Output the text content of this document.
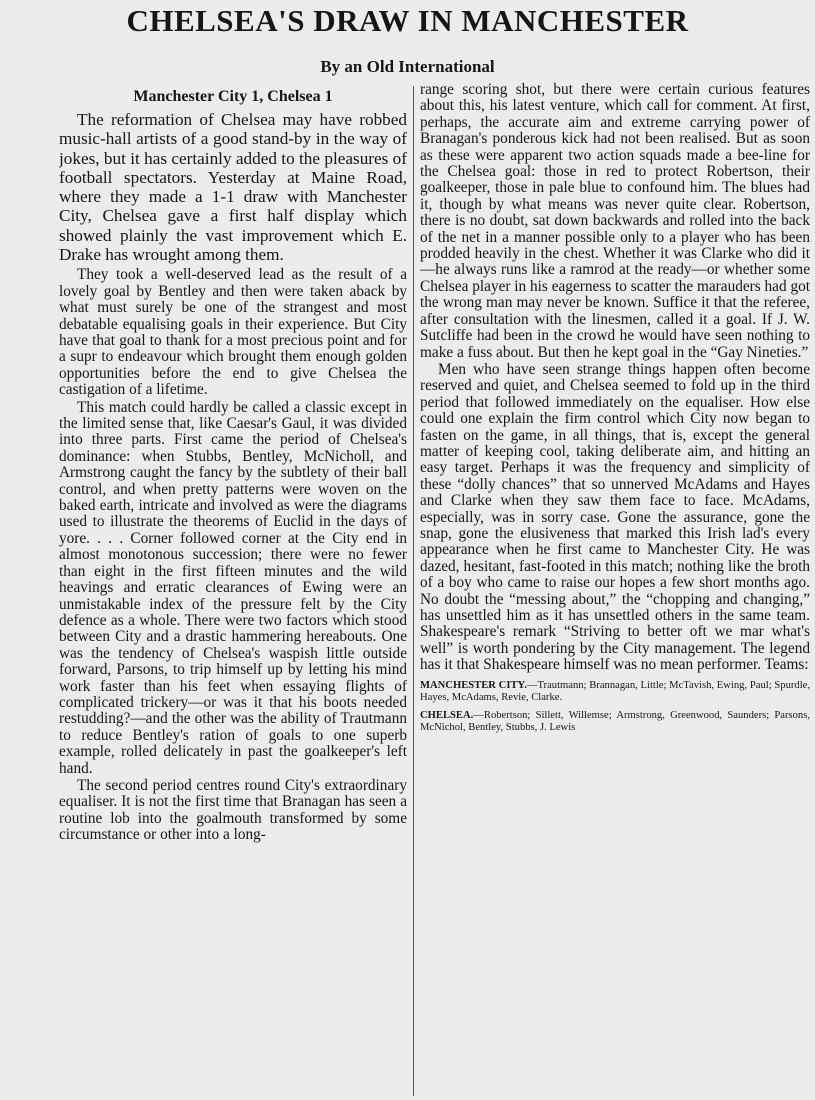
CHELSEA'S DRAW IN MANCHESTER
By an Old International
Manchester City 1, Chelsea 1

The reformation of Chelsea may have robbed music-hall artists of a good stand-by in the way of jokes, but it has certainly added to the pleasures of football spectators. Yesterday at Maine Road, where they made a 1-1 draw with Manchester City, Chelsea gave a first half display which showed plainly the vast improvement which E. Drake has wrought among them.

They took a well-deserved lead as the result of a lovely goal by Bentley and then were taken aback by what must surely be one of the strangest and most debatable equalising goals in their experience. But City have that goal to thank for a most precious point and for a supr to endeavour which brought them enough golden opportunities before the end to give Chelsea the castigation of a lifetime.

This match could hardly be called a classic except in the limited sense that, like Caesar's Gaul, it was divided into three parts. First came the period of Chelsea's dominance: when Stubbs, Bentley, McNicholl, and Armstrong caught the fancy by the subtlety of their ball control, and when pretty patterns were woven on the baked earth, intricate and involved as were the diagrams used to illustrate the theorems of Euclid in the days of yore. . . . Corner followed corner at the City end in almost monotonous succession; there were no fewer than eight in the first fifteen minutes and the wild heavings and erratic clearances of Ewing were an unmistakable index of the pressure felt by the City defence as a whole. There were two factors which stood between City and a drastic hammering hereabouts. One was the tendency of Chelsea's waspish little outside forward, Parsons, to trip himself up by letting his mind work faster than his feet when essaying flights of complicated trickery—or was it that his boots needed restudding?—and the other was the ability of Trautmann to reduce Bentley's ration of goals to one superb example, rolled delicately in past the goalkeeper's left hand.

The second period centres round City's extraordinary equaliser. It is not the first time that Branagan has seen a routine lob into the goalmouth transformed by some circumstance or other into a long-

range scoring shot, but there were certain curious features about this, his latest venture, which call for comment. At first, perhaps, the accurate aim and extreme carrying power of Branagan's ponderous kick had not been realised. But as soon as these were apparent two action squads made a bee-line for the Chelsea goal: those in red to protect Robertson, their goalkeeper, those in pale blue to confound him. The blues had it, though by what means was never quite clear. Robertson, there is no doubt, sat down backwards and rolled into the back of the net in a manner possible only to a player who has been prodded heavily in the chest. Whether it was Clarke who did it—he always runs like a ramrod at the ready—or whether some Chelsea player in his eagerness to scatter the marauders had got the wrong man may never be known. Suffice it that the referee, after consultation with the linesmen, called it a goal. If J. W. Sutcliffe had been in the crowd he would have seen nothing to make a fuss about. But then he kept goal in the “Gay Nineties.”

Men who have seen strange things happen often become reserved and quiet, and Chelsea seemed to fold up in the third period that followed immediately on the equaliser. How else could one explain the firm control which City now began to fasten on the game, in all things, that is, except the general matter of keeping cool, taking deliberate aim, and hitting an easy target. Perhaps it was the frequency and simplicity of these “dolly chances” that so unnerved McAdams and Hayes and Clarke when they saw them face to face. McAdams, especially, was in sorry case. Gone the assurance, gone the snap, gone the elusiveness that marked this Irish lad's every appearance when he first came to Manchester City. He was dazed, hesitant, fast-footed in this match; nothing like the broth of a boy who came to raise our hopes a few short months ago. No doubt the “messing about,” the “chopping and changing,” has unsettled him as it has unsettled others in the same team. Shakespeare's remark “Striving to better oft we mar what's well” is worth pondering by the City management. The legend has it that Shakespeare himself was no mean performer. Teams:

MANCHESTER CITY.—Trautmann; Brannagan, Little; McTavish, Ewing, Paul; Spurdle, Hayes, McAdams, Revie, Clarke.

CHELSEA.—Robertson; Sillett, Willemse; Armstrong, Greenwood, Saunders; Parsons, McNichol, Bentley, Stubbs, J. Lewis
